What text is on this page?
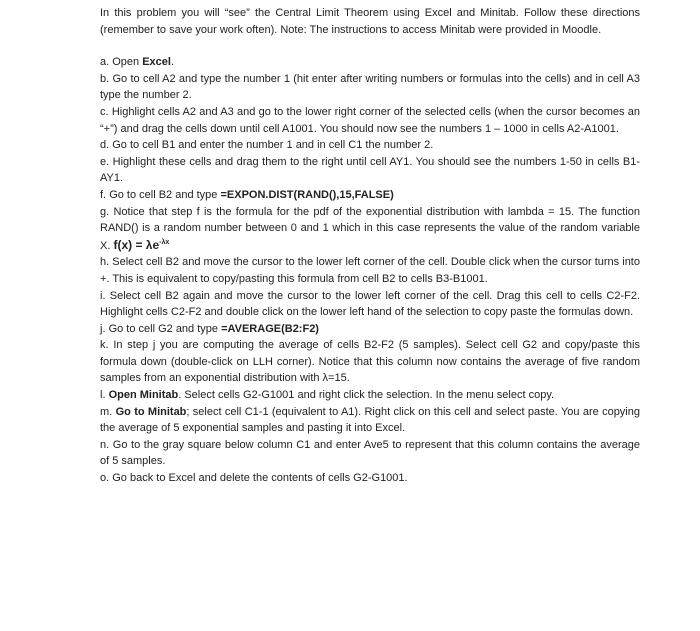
In this problem you will “see” the Central Limit Theorem using Excel and Minitab. Follow these directions (remember to save your work often). Note: The instructions to access Minitab were provided in Moodle.

a. Open Excel.

b. Go to cell A2 and type the number 1 (hit enter after writing numbers or formulas into the cells) and in cell A3 type the number 2.

c. Highlight cells A2 and A3 and go to the lower right corner of the selected cells (when the cursor becomes an “+”) and drag the cells down until cell A1001. You should now see the numbers 1 – 1000 in cells A2-A1001.

d. Go to cell B1 and enter the number 1 and in cell C1 the number 2.

e. Highlight these cells and drag them to the right until cell AY1. You should see the numbers 1-50 in cells B1-AY1.

f. Go to cell B2 and type =EXPON.DIST(RAND(),15,FALSE)

g. Notice that step f is the formula for the pdf of the exponential distribution with lambda = 15. The function RAND() is a random number between 0 and 1 which in this case represents the value of the random variable X. $f(x) = \lambda e^{-\lambda x}$

h. Select cell B2 and move the cursor to the lower left corner of the cell. Double click when the cursor turns into +. This is equivalent to copy/pasting this formula from cell B2 to cells B3-B1001.

i. Select cell B2 again and move the cursor to the lower left corner of the cell. Drag this cell to cells C2-F2. Highlight cells C2-F2 and double click on the lower left hand of the selection to copy paste the formulas down.

j. Go to cell G2 and type =AVERAGE(B2:F2)

k. In step j you are computing the average of cells B2-F2 (5 samples). Select cell G2 and copy/paste this formula down (double-click on LLH corner). Notice that this column now contains the average of five random samples from an exponential distribution with λ=15.

l. Open Minitab. Select cells G2-G1001 and right click the selection. In the menu select copy.

m. Go to Minitab; select cell C1-1 (equivalent to A1). Right click on this cell and select paste. You are copying the average of 5 exponential samples and pasting it into Excel.

n. Go to the gray square below column C1 and enter Ave5 to represent that this column contains the average of 5 samples.

o. Go back to Excel and delete the contents of cells G2-G1001.
